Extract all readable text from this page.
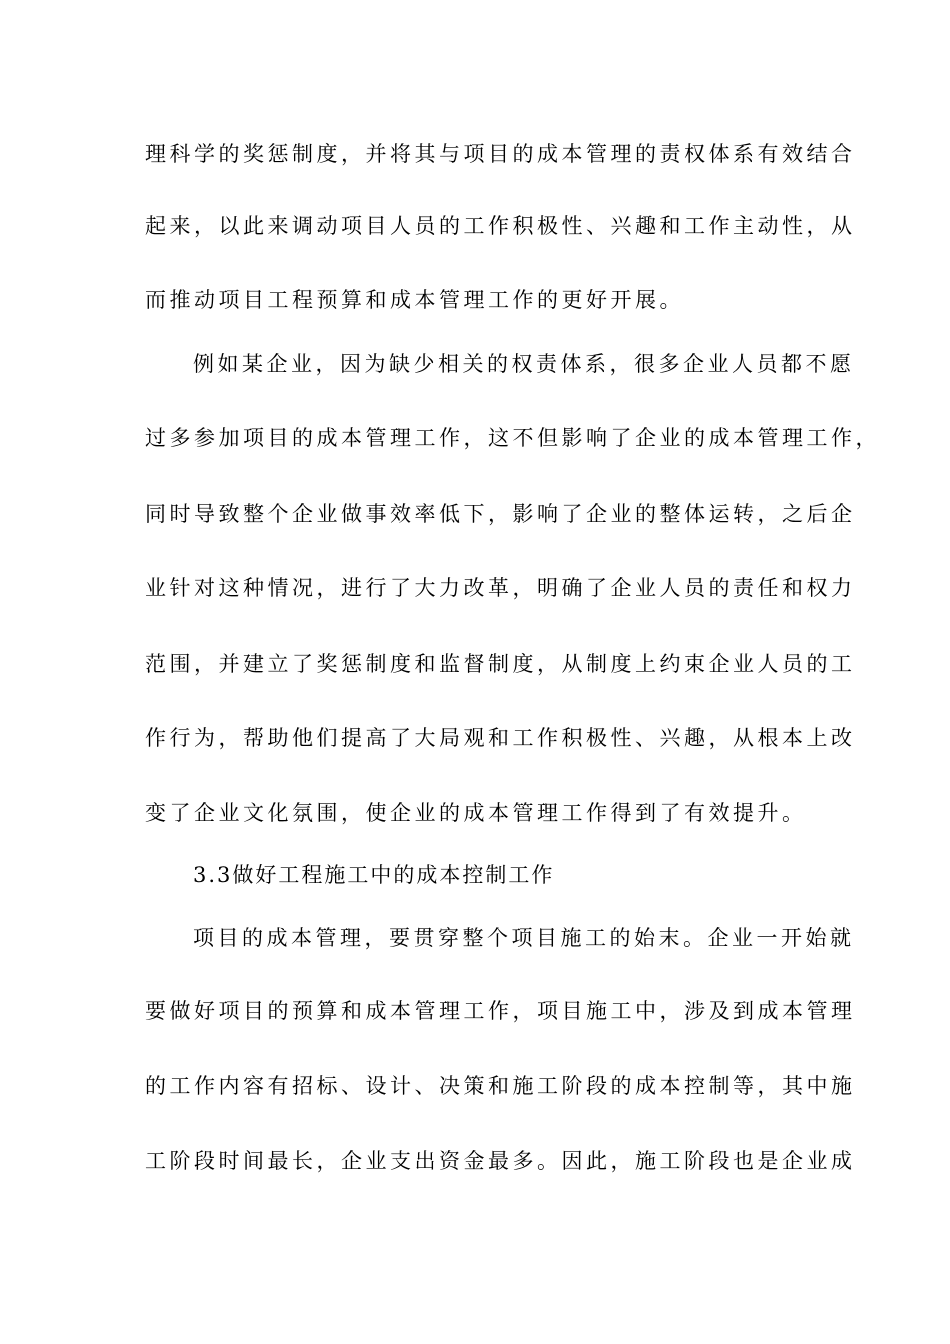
理科学的奖惩制度，并将其与项目的成本管理的责权体系有效结合
起来，以此来调动项目人员的工作积极性、兴趣和工作主动性，从
而推动项目工程预算和成本管理工作的更好开展。
例如某企业，因为缺少相关的权责体系，很多企业人员都不愿
过多参加项目的成本管理工作，这不但影响了企业的成本管理工作，
同时导致整个企业做事效率低下，影响了企业的整体运转，之后企
业针对这种情况，进行了大力改革，明确了企业人员的责任和权力
范围，并建立了奖惩制度和监督制度，从制度上约束企业人员的工
作行为，帮助他们提高了大局观和工作积极性、兴趣，从根本上改
变了企业文化氛围，使企业的成本管理工作得到了有效提升。
3.3做好工程施工中的成本控制工作
项目的成本管理，要贯穿整个项目施工的始末。企业一开始就
要做好项目的预算和成本管理工作，项目施工中，涉及到成本管理
的工作内容有招标、设计、决策和施工阶段的成本控制等，其中施
工阶段时间最长，企业支出资金最多。因此，施工阶段也是企业成
